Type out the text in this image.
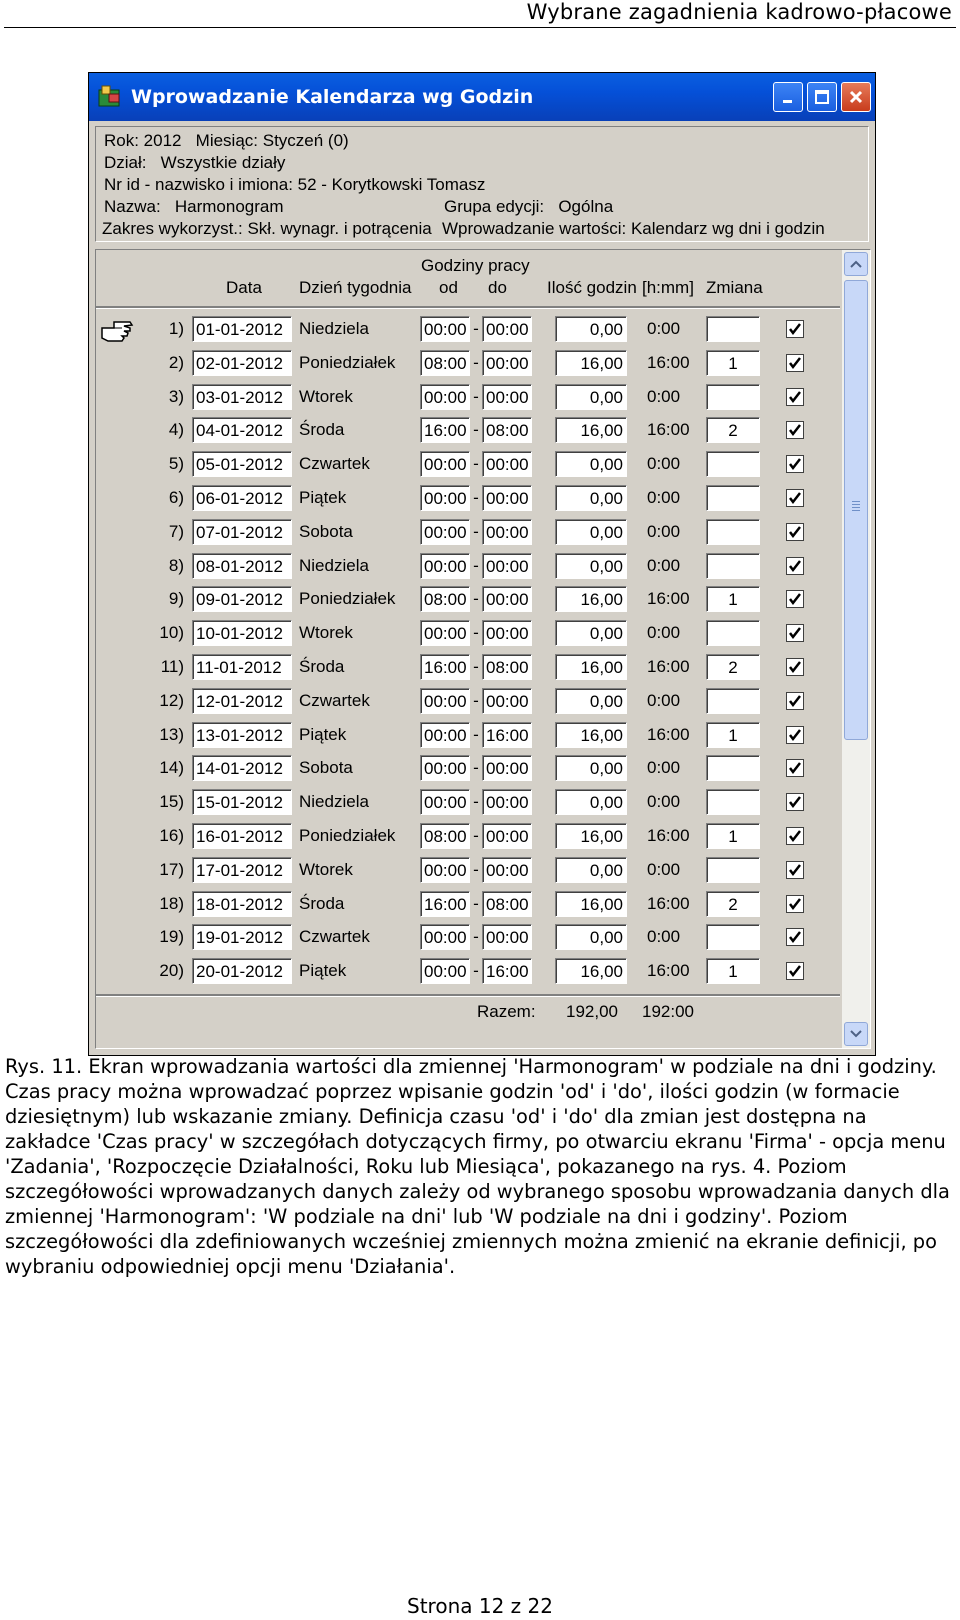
Wybrane zagadnienia kadrowo-płacowe
Wprowadzanie Kalendarza wg Godzin
Rok: 2012   Miesiąc: Styczeń (0)
Dział:   Wszystkie działy
Nr id - nazwisko i imiona: 52 - Korytkowski Tomasz
Nazwa:   Harmonogram	Grupa edycji:   Ogólna
Zakres wykorzyst.: Skł. wynagr. i potrącenia Wprowadzanie wartości: Kalendarz wg dni i godzin
Data Dzień tygodnia
Godziny pracy
od do Ilość godzin [h:mm] Zmiana
1) 01-01-2012 Niedziela	00:00 - 00:00	0,00 0:00
2) 02-01-2012 Poniedziałek	08:00 - 00:00	16,00 16:00	1
3) 03-01-2012 Wtorek	00:00 - 00:00	0,00 0:00
4) 04-01-2012 Środa	16:00 - 08:00	16,00 16:00	2
5) 05-01-2012 Czwartek	00:00 - 00:00	0,00 0:00
6) 06-01-2012 Piątek	00:00 - 00:00	0,00 0:00
7) 07-01-2012 Sobota	00:00 - 00:00	0,00 0:00
8) 08-01-2012 Niedziela	00:00 - 00:00	0,00 0:00
9) 09-01-2012 Poniedziałek	08:00 - 00:00	16,00 16:00	1
10) 10-01-2012 Wtorek	00:00 - 00:00	0,00 0:00
11) 11-01-2012	Środa	16:00 - 08:00	16,00 16:00	2
12) 12-01-2012 Czwartek	00:00 - 00:00	0,00 0:00
13) 13-01-2012 Piątek	00:00 - 16:00	16,00 16:00	1
14) 14-01-2012 Sobota	00:00 - 00:00	0,00 0:00
15) 15-01-2012 Niedziela	00:00 - 00:00	0,00 0:00
16) 16-01-2012 Poniedziałek	08:00 - 00:00	16,00 16:00	1
17) 17-01-2012 Wtorek	00:00 - 00:00	0,00 0:00
18) 18-01-2012 Środa	16:00 - 08:00	16,00 16:00	2
19) 19-01-2012 Czwartek	00:00 - 00:00	0,00 0:00
20) 20-01-2012 Piątek	00:00 - 16:00	16,00 16:00	1
Razem: 192,00 192:00
Rys. 11. Ekran wprowadzania wartości dla zmiennej 'Harmonogram' w podziale na dni i godziny. Czas pracy można wprowadzać poprzez wpisanie godzin 'od' i 'do', ilości godzin (w formacie dziesiętnym) lub wskazanie zmiany. Definicja czasu 'od' i 'do' dla zmian jest dostępna na zakładce 'Czas pracy' w szczegółach dotyczących firmy, po otwarciu ekranu 'Firma' - opcja menu 'Zadania', 'Rozpoczęcie Działalności, Roku lub Miesiąca', pokazanego na rys. 4. Poziom szczegółowości wprowadzanych danych zależy od wybranego sposobu wprowadzania danych dla zmiennej 'Harmonogram': 'W podziale na dni' lub 'W podziale na dni i godziny'. Poziom szczegółowości dla zdefiniowanych wcześniej zmiennych można zmienić na ekranie definicji, po wybraniu odpowiedniej opcji menu 'Działania'.
Strona 12 z 22
